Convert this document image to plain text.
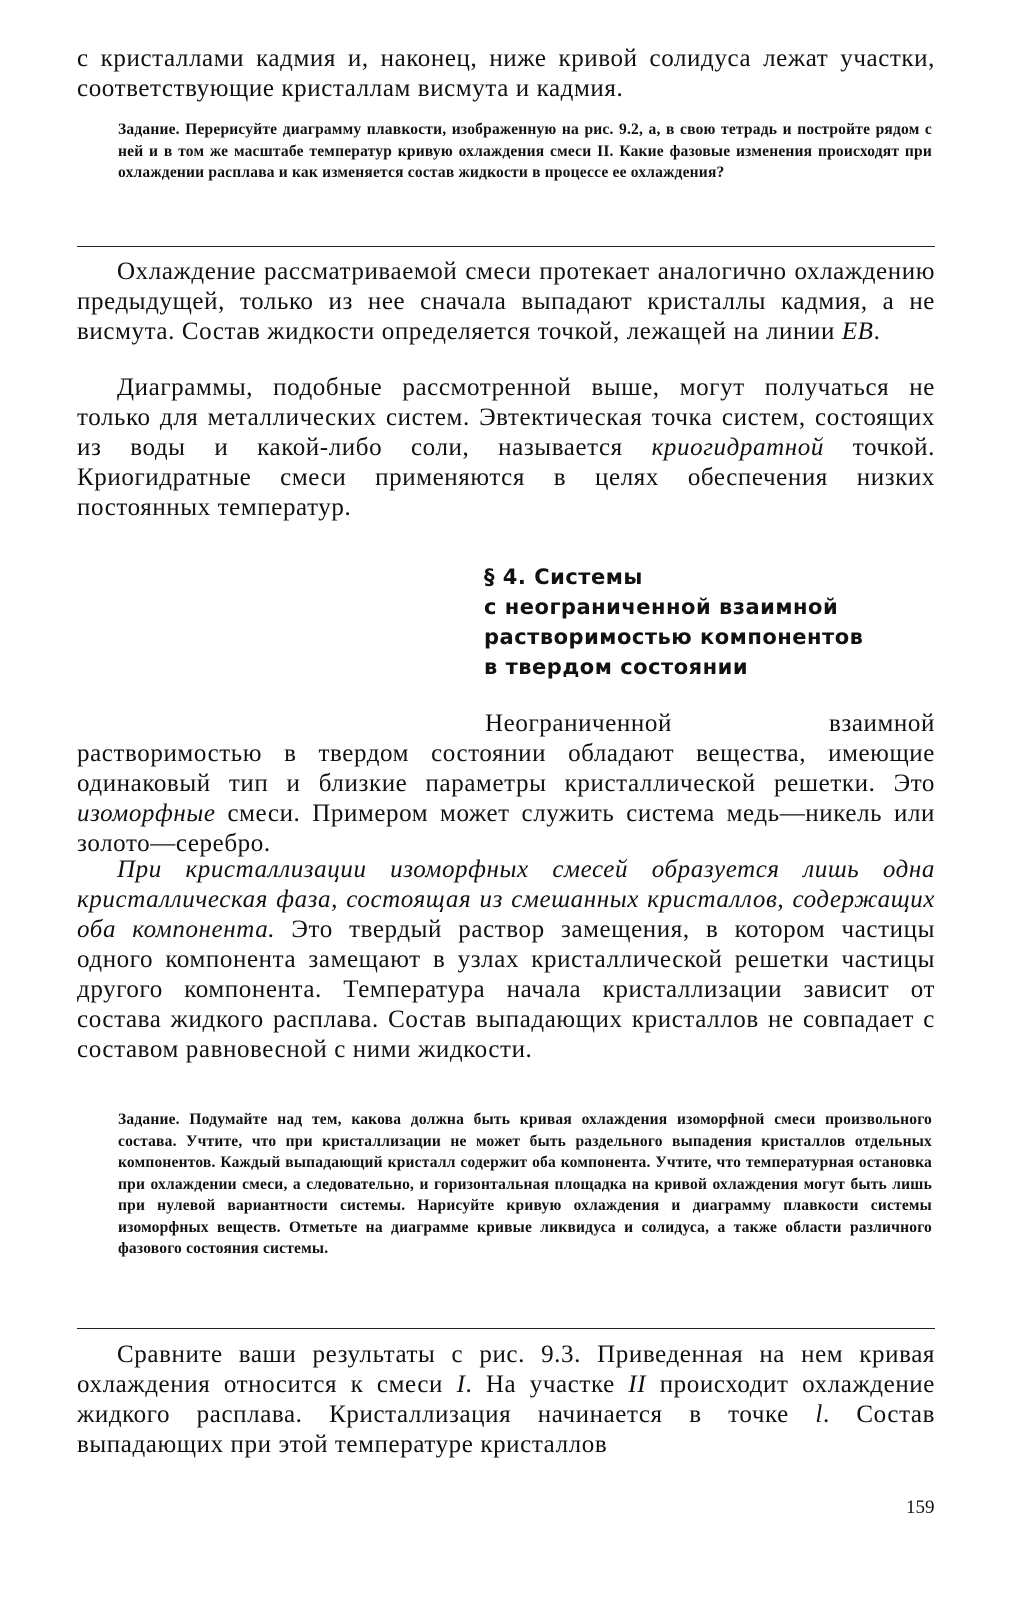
с кристаллами кадмия и, наконец, ниже кривой солидуса лежат участки, соответствующие кристаллам висмута и кадмия.
Задание. Перерисуйте диаграмму плавкости, изображенную на рис. 9.2, а, в свою тетрадь и постройте рядом с ней и в том же масштабе температур кривую охлаждения смеси II. Какие фазовые изменения происходят при охлаждении расплава и как изменяется состав жидкости в процессе ее охлаждения?
Охлаждение рассматриваемой смеси протекает аналогично охлаждению предыдущей, только из нее сначала выпадают кристаллы кадмия, а не висмута. Состав жидкости определяется точкой, лежащей на линии EB.
Диаграммы, подобные рассмотренной выше, могут получаться не только для металлических систем. Эвтектическая точка систем, состоящих из воды и какой-либо соли, называется криогидратной точкой. Криогидратные смеси применяются в целях обеспечения низких постоянных температур.
§ 4. Системы
с неограниченной взаимной
растворимостью компонентов
в твердом состоянии
Неограниченной взаимной растворимостью в твердом состоянии обладают вещества, имеющие одинаковый тип и близкие параметры кристаллической решетки. Это изоморфные смеси. Примером может служить система медь—никель или золото—серебро.
При кристаллизации изоморфных смесей образуется лишь одна кристаллическая фаза, состоящая из смешанных кристаллов, содержащих оба компонента. Это твердый раствор замещения, в котором частицы одного компонента замещают в узлах кристаллической решетки частицы другого компонента. Температура начала кристаллизации зависит от состава жидкого расплава. Состав выпадающих кристаллов не совпадает с составом равновесной с ними жидкости.
Задание. Подумайте над тем, какова должна быть кривая охлаждения изоморфной смеси произвольного состава. Учтите, что при кристаллизации не может быть раздельного выпадения кристаллов отдельных компонентов. Каждый выпадающий кристалл содержит оба компонента. Учтите, что температурная остановка при охлаждении смеси, а следовательно, и горизонтальная площадка на кривой охлаждения могут быть лишь при нулевой вариантности системы. Нарисуйте кривую охлаждения и диаграмму плавкости системы изоморфных веществ. Отметьте на диаграмме кривые ликвидуса и солидуса, а также области различного фазового состояния системы.
Сравните ваши результаты с рис. 9.3. Приведенная на нем кривая охлаждения относится к смеси I. На участке II происходит охлаждение жидкого расплава. Кристаллизация начинается в точке l. Состав выпадающих при этой температуре кристаллов
159
